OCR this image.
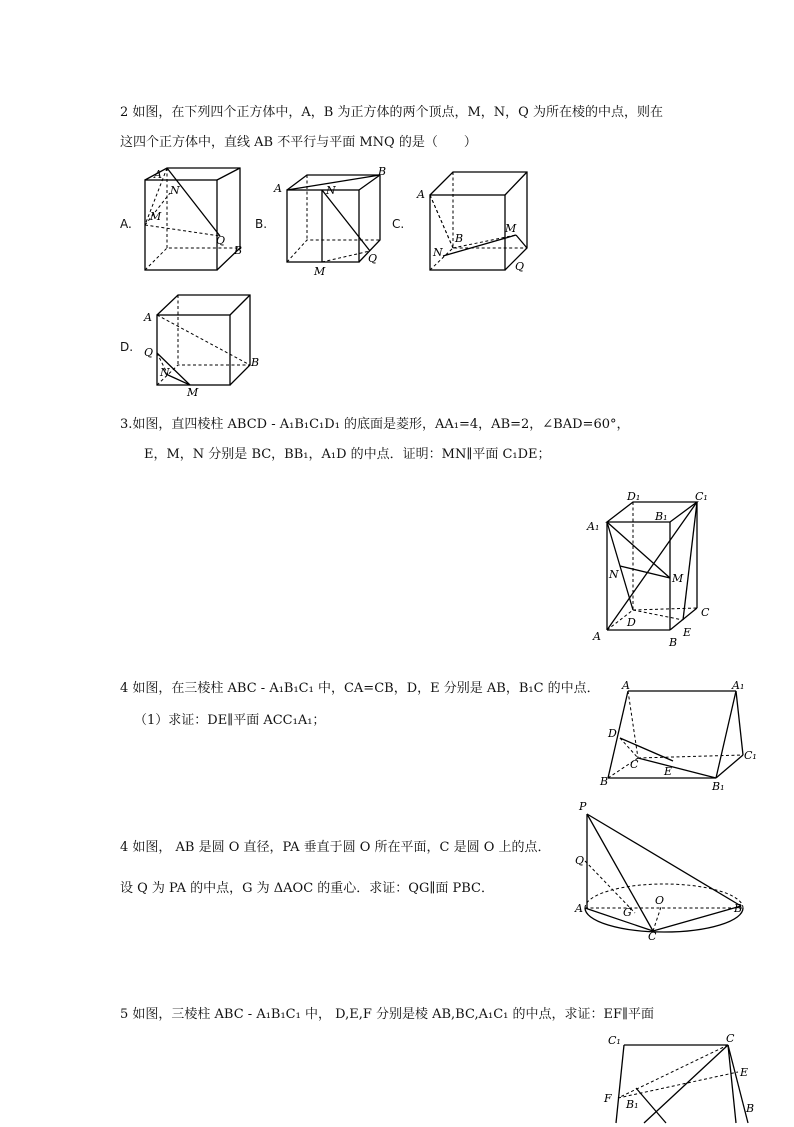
2 如图，在下列四个正方体中，A，B 为正方体的两个顶点，M，N，Q 为所在棱的中点，则在
这四个正方体中，直线 AB 不平行与平面 MNQ 的是（　　）
A.
A
N
M
Q
B
B.
A	N
B
M
Q
C.
A
B
M
N
Q
D.
A
Q
N
B
M
3.如图，直四棱柱 ABCD - A₁B₁C₁D₁ 的底面是菱形，AA₁=4，AB=2，∠BAD=60°，
E，M，N 分别是 BC，BB₁，A₁D 的中点．证明：MN∥平面 C₁DE；
D₁	C₁
A₁
B₁
N	M
D
C
A	B
E
4 如图，在三棱柱 ABC - A₁B₁C₁ 中，CA=CB，D，E 分别是 AB，B₁C 的中点．
（1）求证：DE∥平面 ACC₁A₁；
A	A₁
D
C₁
C
E
B	B₁
4 如图， AB 是圆 O 直径，PA 垂直于圆 O 所在平面，C 是圆 O 上的点．
设 Q 为 PA 的中点，G 为 ΔAOC 的重心．求证：QG∥面 PBC．
P
Q
A	G
O
B
C
5 如图，三棱柱 ABC - A₁B₁C₁ 中， D,E,F 分别是棱 AB,BC,A₁C₁ 的中点，求证：EF∥平面
C₁	C
E
F B₁	B
